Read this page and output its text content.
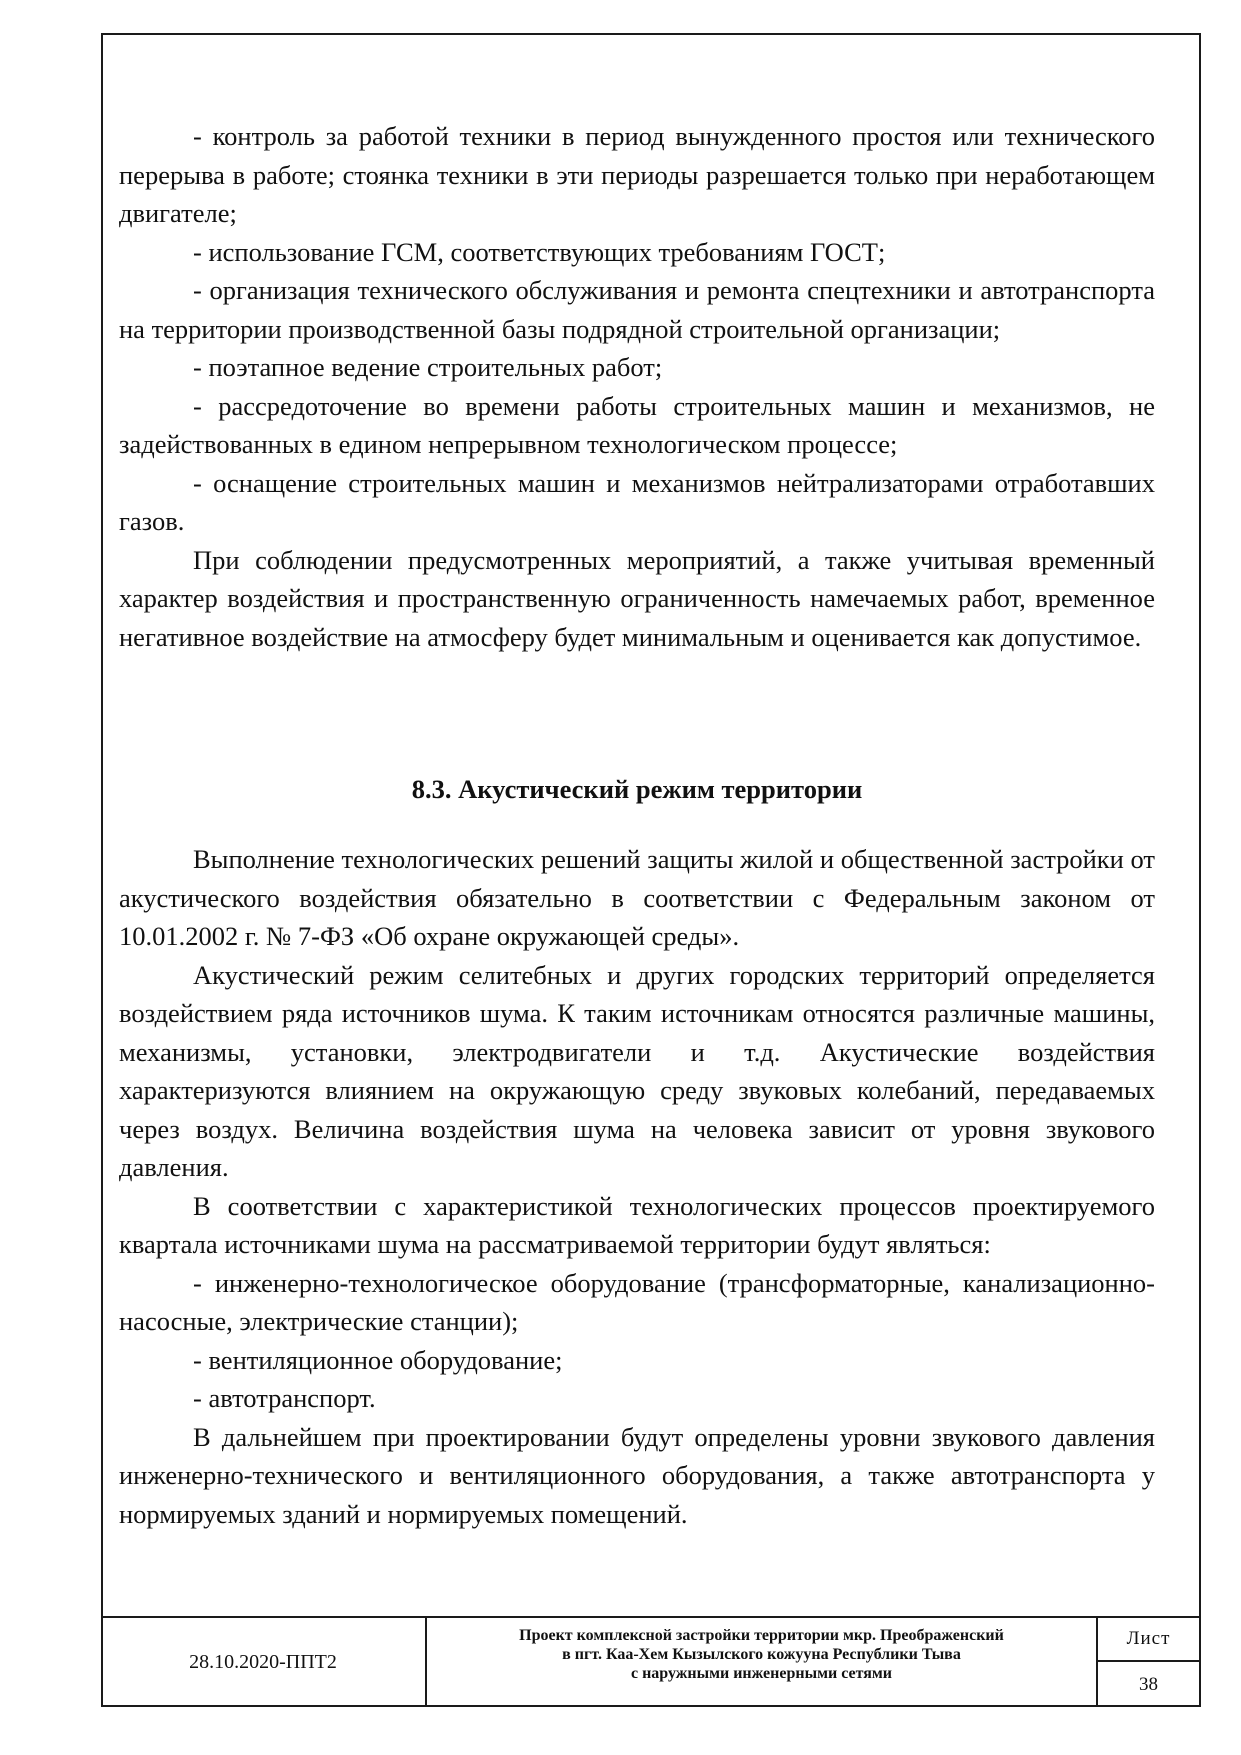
- контроль за работой техники в период вынужденного простоя или технического перерыва в работе; стоянка техники в эти периоды разрешается только при неработающем двигателе;

- использование ГСМ, соответствующих требованиям ГОСТ;

- организация технического обслуживания и ремонта спецтехники и автотранспорта на территории производственной базы подрядной строительной организации;

- поэтапное ведение строительных работ;

- рассредоточение во времени работы строительных машин и механизмов, не задействованных в едином непрерывном технологическом процессе;

- оснащение строительных машин и механизмов нейтрализаторами отработавших газов.

При соблюдении предусмотренных мероприятий, а также учитывая временный характер воздействия и пространственную ограниченность намечаемых работ, временное негативное воздействие на атмосферу будет минимальным и оценивается как допустимое.

8.3. Акустический режим территории

Выполнение технологических решений защиты жилой и общественной застройки от акустического воздействия обязательно в соответствии с Федеральным законом от 10.01.2002 г. № 7-ФЗ «Об охране окружающей среды».

Акустический режим селитебных и других городских территорий определяется воздействием ряда источников шума. К таким источникам относятся различные машины, механизмы, установки, электродвигатели и т.д. Акустические воздействия характеризуются влиянием на окружающую среду звуковых колебаний, передаваемых через воздух. Величина воздействия шума на человека зависит от уровня звукового давления.

В соответствии с характеристикой технологических процессов проектируемого квартала источниками шума на рассматриваемой территории будут являться:

- инженерно-технологическое оборудование (трансформаторные, канализационно-насосные, электрические станции);

- вентиляционное оборудование;

- автотранспорт.

В дальнейшем при проектировании будут определены уровни звукового давления инженерно-технического и вентиляционного оборудования, а также автотранспорта у нормируемых зданий и нормируемых помещений.

28.10.2020-ППТ2
Проект комплексной застройки территории мкр. Преображенский
в пгт. Каа-Хем Кызылского кожууна Республики Тыва
с наружными инженерными сетями
Лист
38
